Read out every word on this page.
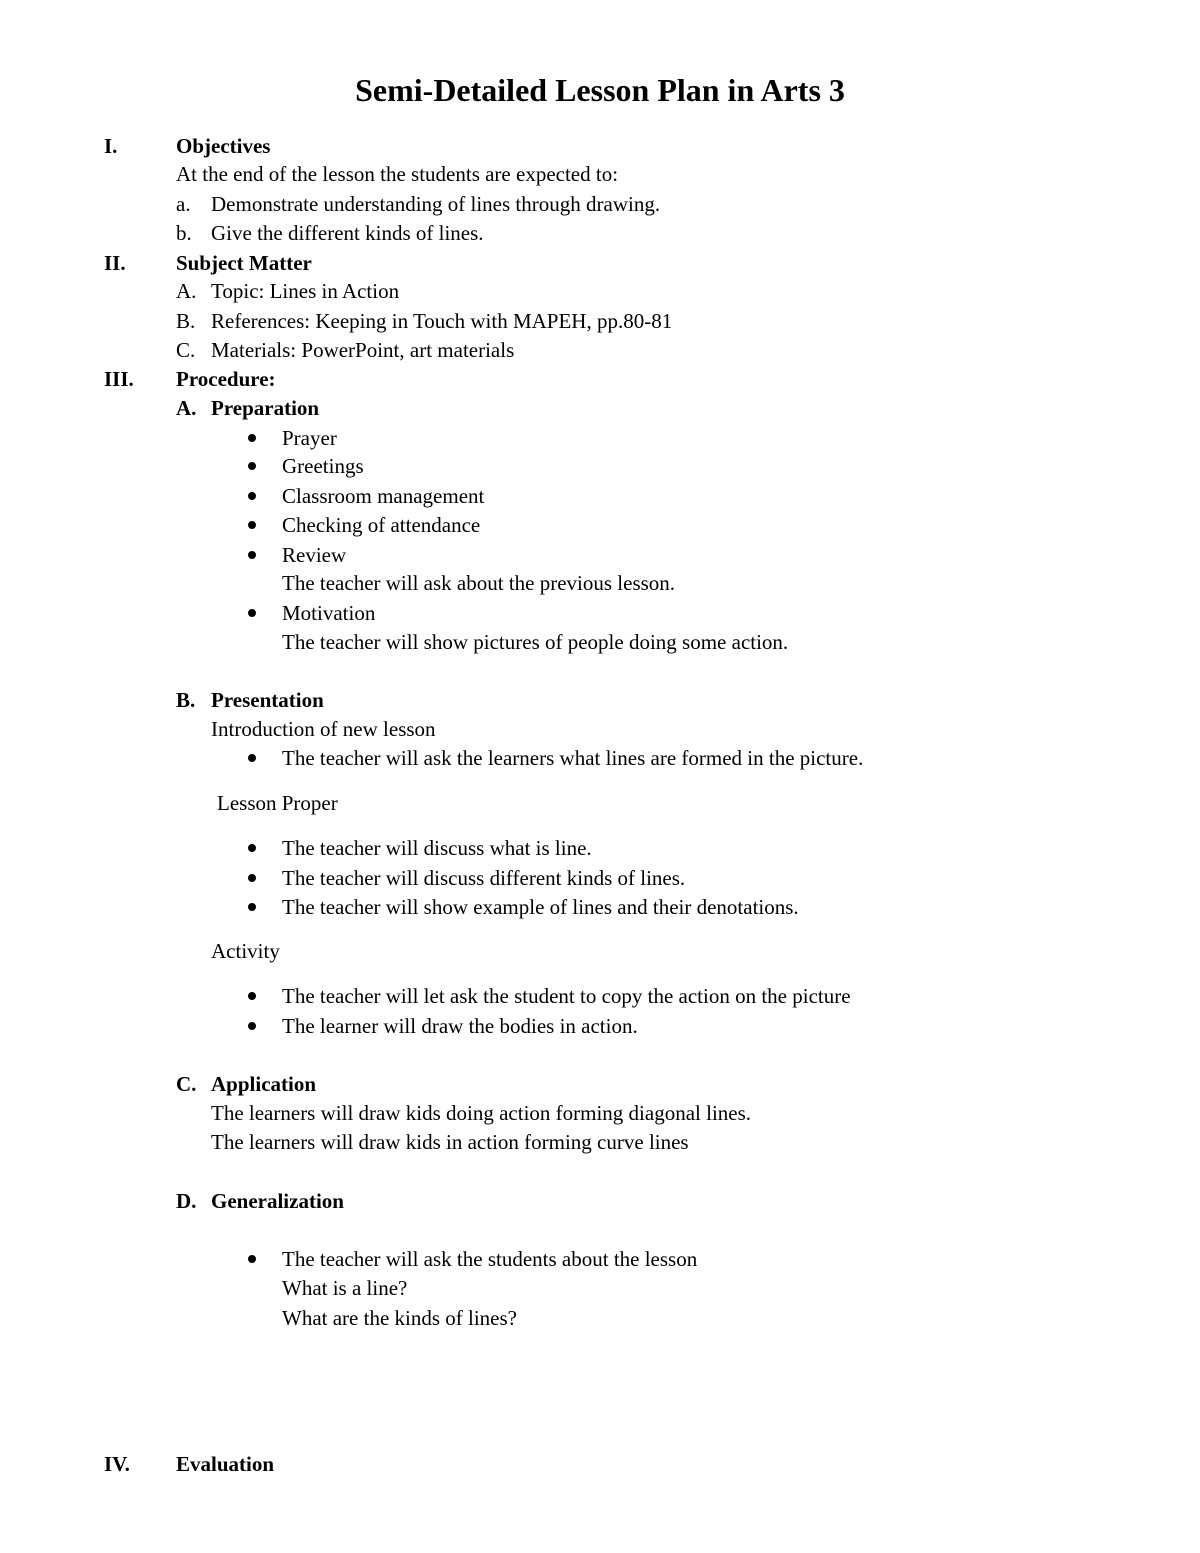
Semi-Detailed Lesson Plan in Arts 3
I.	Objectives
At the end of the lesson the students are expected to:
a. Demonstrate understanding of lines through drawing.
b. Give the different kinds of lines.
II. Subject Matter
A. Topic: Lines in Action
B. References: Keeping in Touch with MAPEH, pp.80-81
C. Materials: PowerPoint, art materials
III. Procedure:
A. Preparation
Prayer
Greetings
Classroom management
Checking of attendance
Review
The teacher will ask about the previous lesson.
Motivation
The teacher will show pictures of people doing some action.
B. Presentation
Introduction of new lesson
The teacher will ask the learners what lines are formed in the picture.
Lesson Proper
The teacher will discuss what is line.
The teacher will discuss different kinds of lines.
The teacher will show example of lines and their denotations.
Activity
The teacher will let ask the student to copy the action on the picture
The learner will draw the bodies in action.
C. Application
The learners will draw kids doing action forming diagonal lines.
The learners will draw kids in action forming curve lines
D. Generalization
The teacher will ask the students about the lesson
What is a line?
What are the kinds of lines?
IV. Evaluation
